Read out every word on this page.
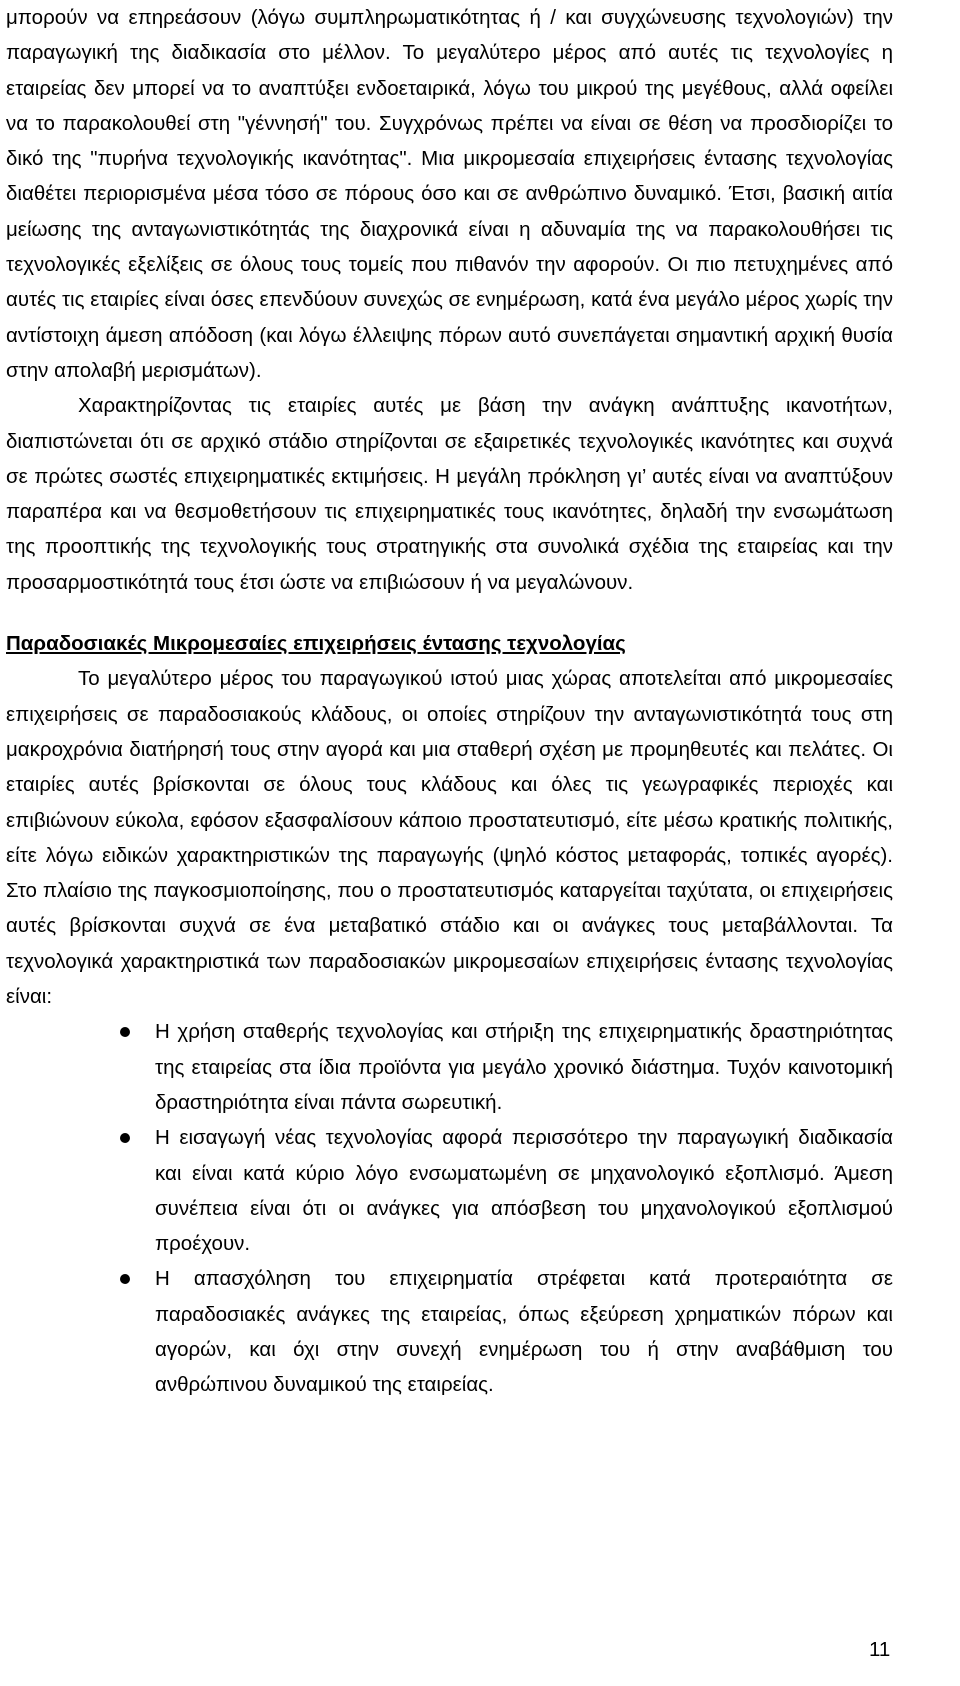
μπορούν να επηρεάσουν (λόγω συμπληρωματικότητας ή / και συγχώνευσης τεχνολογιών) την παραγωγική της διαδικασία στο μέλλον. Το μεγαλύτερο μέρος από αυτές τις τεχνολογίες η εταιρείας δεν μπορεί να το αναπτύξει ενδοεταιρικά, λόγω του μικρού της μεγέθους, αλλά οφείλει να το παρακολουθεί στη "γέννησή" του. Συγχρόνως πρέπει να είναι σε θέση να προσδιορίζει το δικό της "πυρήνα τεχνολογικής ικανότητας". Μια μικρομεσαία επιχειρήσεις έντασης τεχνολογίας διαθέτει περιορισμένα μέσα τόσο σε πόρους όσο και σε ανθρώπινο δυναμικό. Έτσι, βασική αιτία μείωσης της ανταγωνιστικότητάς της διαχρονικά είναι η αδυναμία της να παρακολουθήσει τις τεχνολογικές εξελίξεις σε όλους τους τομείς που πιθανόν την αφορούν. Οι πιο πετυχημένες από αυτές τις εταιρίες είναι όσες επενδύουν συνεχώς σε ενημέρωση, κατά ένα μεγάλο μέρος χωρίς την αντίστοιχη άμεση απόδοση (και λόγω έλλειψης πόρων αυτό συνεπάγεται σημαντική αρχική θυσία στην απολαβή μερισμάτων).

Χαρακτηρίζοντας τις εταιρίες αυτές με βάση την ανάγκη ανάπτυξης ικανοτήτων, διαπιστώνεται ότι σε αρχικό στάδιο στηρίζονται σε εξαιρετικές τεχνολογικές ικανότητες και συχνά σε πρώτες σωστές επιχειρηματικές εκτιμήσεις. Η μεγάλη πρόκληση γι’ αυτές είναι να αναπτύξουν παραπέρα και να θεσμοθετήσουν τις επιχειρηματικές τους ικανότητες, δηλαδή την ενσωμάτωση της προοπτικής της τεχνολογικής τους στρατηγικής στα συνολικά σχέδια της εταιρείας και την προσαρμοστικότητά τους έτσι ώστε να επιβιώσουν ή να μεγαλώνουν.

Παραδοσιακές Μικρομεσαίες επιχειρήσεις έντασης τεχνολογίας

Το μεγαλύτερο μέρος του παραγωγικού ιστού μιας χώρας αποτελείται από μικρομεσαίες επιχειρήσεις σε παραδοσιακούς κλάδους, οι οποίες στηρίζουν την ανταγωνιστικότητά τους στη μακροχρόνια διατήρησή τους στην αγορά και μια σταθερή σχέση με προμηθευτές και πελάτες. Οι εταιρίες αυτές βρίσκονται σε όλους τους κλάδους και όλες τις γεωγραφικές περιοχές και επιβιώνουν εύκολα, εφόσον εξασφαλίσουν κάποιο προστατευτισμό, είτε μέσω κρατικής πολιτικής, είτε λόγω ειδικών χαρακτηριστικών της παραγωγής (ψηλό κόστος μεταφοράς, τοπικές αγορές). Στο πλαίσιο της παγκοσμιοποίησης, που ο προστατευτισμός καταργείται ταχύτατα, οι επιχειρήσεις αυτές βρίσκονται συχνά σε ένα μεταβατικό στάδιο και οι ανάγκες τους μεταβάλλονται. Τα τεχνολογικά χαρακτηριστικά των παραδοσιακών μικρομεσαίων επιχειρήσεις έντασης τεχνολογίας είναι:

Η χρήση σταθερής τεχνολογίας και στήριξη της επιχειρηματικής δραστηριότητας της εταιρείας στα ίδια προϊόντα για μεγάλο χρονικό διάστημα. Τυχόν καινοτομική δραστηριότητα είναι πάντα σωρευτική.
Η εισαγωγή νέας τεχνολογίας αφορά περισσότερο την παραγωγική διαδικασία και είναι κατά κύριο λόγο ενσωματωμένη σε μηχανολογικό εξοπλισμό. Άμεση συνέπεια είναι ότι οι ανάγκες για απόσβεση του μηχανολογικού εξοπλισμού προέχουν.
Η απασχόληση του επιχειρηματία στρέφεται κατά προτεραιότητα σε παραδοσιακές ανάγκες της εταιρείας, όπως εξεύρεση χρηματικών πόρων και αγορών, και όχι στην συνεχή ενημέρωση του ή στην αναβάθμιση του ανθρώπινου δυναμικού της εταιρείας.
11
